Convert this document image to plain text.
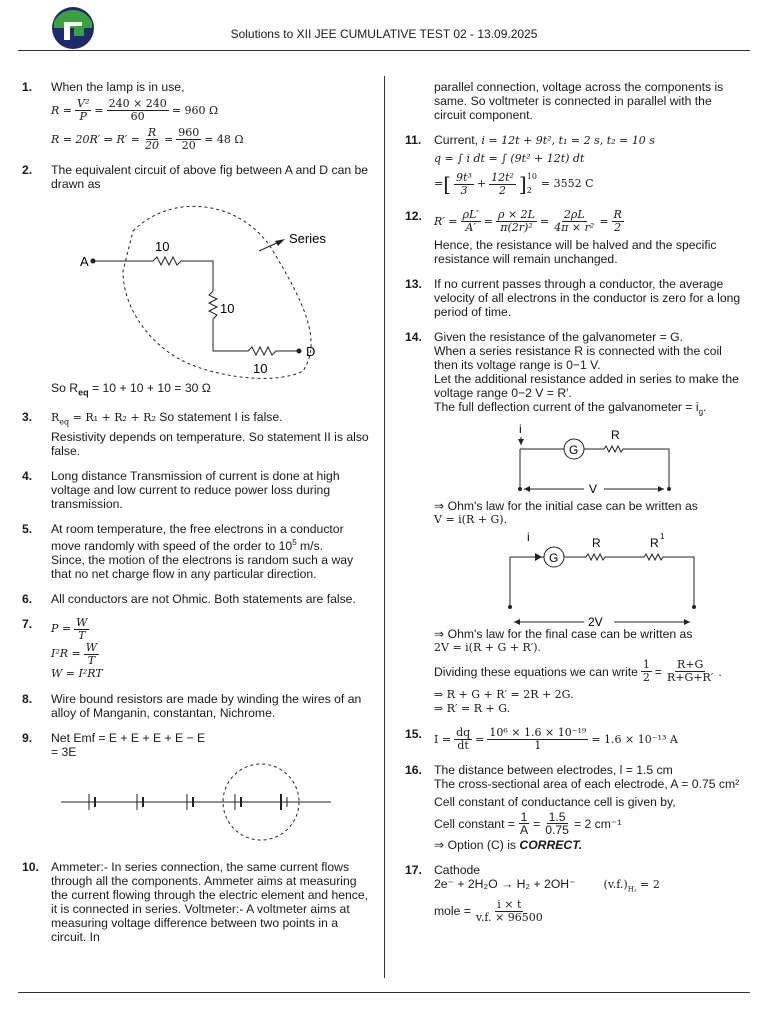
Solutions to XII JEE CUMULATIVE TEST 02 - 13.09.2025
1. When the lamp is in use,
$R = \frac{\text{V²}}{P} = \frac{240 \times 240}{60} = 960$ Ω
R = 20R′ ⇒ $R' = \frac{R}{20} = \frac{960}{20} = 48$ Ω
2. The equivalent circuit of above fig between A and D can be drawn as
A
10
10
10
D
Series
So $R_{eq} = 10 + 10 + 10 = 30$ Ω
3. $R_{eq} = R_1 + R_2 + R_2$ So statement I is false.
Resistivity depends on temperature. So statement II is also false.
4. Long distance Transmission of current is done at high voltage and low current to reduce power loss during transmission.
5. At room temperature, the free electrons in a conductor move randomly with speed of the order to $10^5$ m/s.
Since, the motion of the electrons is random such a way that no net charge flow in any particular direction.
6. All conductors are not Ohmic. Both statements are false.
7. $P = \frac{W}{T}$
$I^2R = \frac{W}{T}$
W = I²RT
8. Wire bound resistors are made by winding the wires of an alloy of Manganin, constantan, Nichrome.
9. Net Emf = E + E + E + E − E
= 3E
10. Ammeter:- In series connection, the same current flows through all the components. Ammeter aims at measuring the current flowing through the electric element and hence, it is connected in series. Voltmeter:- A voltmeter aims at measuring voltage difference between two points in a circuit. In
parallel connection, voltage across the components is same. So voltmeter is connected in parallel with the circuit component.
11. Current, i = 12t + 9t², t₁ = 2 s, t₂ = 10 s
q = ∫ i dt = ∫ (9t² + 12t) dt
= [ $\frac{\text{9t³}}{3} + \frac{\text{12t²}}{2}$ ] 10
2
= 3552 C
12. $R' = \frac{\rho L'}{A'} = \frac{\rho \times 2L}{\text{π(2r)²}} = \frac{2\rho L}{\text{4π × r²}} = \frac{R}{2}$
Hence, the resistance will be halved and the specific resistance will remain unchanged.
13. If no current passes through a conductor, the average velocity of all electrons in the conductor is zero for a long period of time.
14. Given the resistance of the galvanometer = G.
When a series resistance R is connected with the coil then its voltage range is 0−1 V.
Let the additional resistance added in series to make the voltage range 0−2 V = R′.
The full deflection current of the galvanometer = $i_g$.
i
G
R
V
⇒ Ohm's law for the initial case can be written as
V = i(R + G).
i
G
R	R 1
2V
⇒ Ohm's law for the final case can be written as
2V = i(R + G + R′).
Dividing these equations we can write $\frac{1}{2} = \frac{R+G}{R+G+R'}$ .
⇒ R + G + R′ = 2R + 2G.
⇒ R′ = R + G.
15. $I = \frac{dq}{dt} = \frac{\text{10⁶ × 1.6 × 10⁻¹⁹}}{1} = 1.6 \times 10^{-13}$ A
16. The distance between electrodes, l = 1.5 cm
The cross-sectional area of each electrode, A = 0.75 cm²
Cell constant of conductance cell is given by,
Cell constant = $\frac{1}{A} = \frac{1.5}{0.75} = 2$ cm⁻¹
⇒ Option (C) is CORRECT.
17. Cathode
2e⁻ + 2H₂O → H₂ + 2OH⁻	$(v.f.)_{H_2} = 2$
mole = $\frac{i \times t}{v.f. \times 96500}$
